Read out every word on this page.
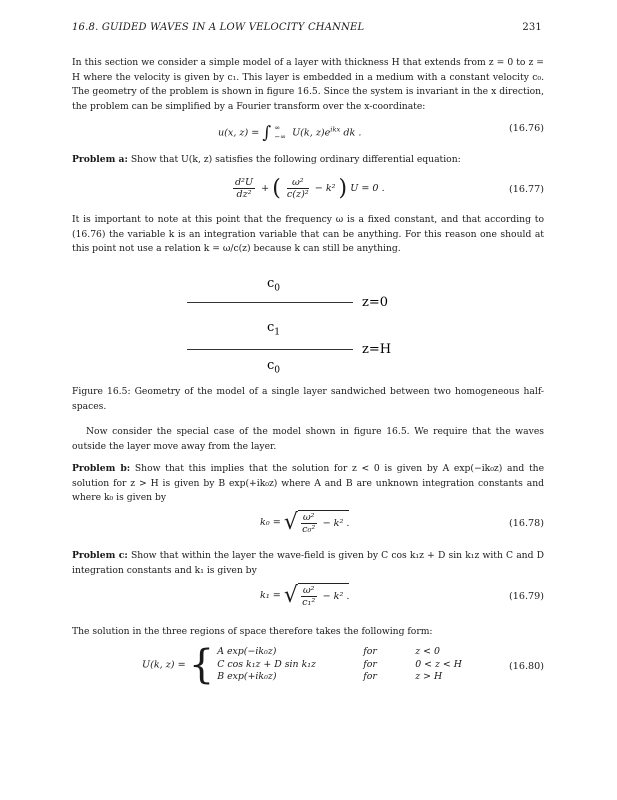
16.8. GUIDED WAVES IN A LOW VELOCITY CHANNEL	231
In this section we consider a simple model of a layer with thickness H that extends from z = 0 to z = H where the velocity is given by c₁. This layer is embedded in a medium with a constant velocity c₀. The geometry of the problem is shown in figure 16.5. Since the system is invariant in the x direction, the problem can be simplified by a Fourier transform over the x-coordinate:
u(x, z) = ∫ ∞
−∞ U(k, $z)e^{ikx}$ dk .	(16.76)
Problem a: Show that U(k, z) satisfies the following ordinary differential equation:
$\frac{\text{d²U}}{\text{dz²}}$ + ( $\frac{\text{ω²}}{\text{c(z)²}} - k^2$ ) U = 0 .	(16.77)
It is important to note at this point that the frequency ω is a fixed constant, and that according to (16.76) the variable k is an integration variable that can be anything. For this reason one should at this point not use a relation k = ω/c(z) because k can still be anything.
$c_0$
z=0
$c_1$
z=H
$c_0$
Figure 16.5: Geometry of the model of a single layer sandwiched between two homogeneous half-spaces.
Now consider the special case of the model shown in figure 16.5. We require that the waves outside the layer move away from the layer.
Problem b: Show that this implies that the solution for z < 0 is given by A exp(−ik₀z) and the solution for z > H is given by B exp(+ik₀z) where A and B are unknown integration constants and where k₀ is given by
k₀ = √ $\frac{\text{ω²}}{\text{c₀²}} - k^2$ .	(16.78)
Problem c: Show that within the layer the wave-field is given by C cos k₁z + D sin k₁z with C and D integration constants and k₁ is given by
k₁ = √ $\frac{\text{ω²}}{\text{c₁²}} - k^2$ .	(16.79)
The solution in the three regions of space therefore takes the following form:
U(k, z) = { A exp(−ik₀z)	for	z < 0
C cos k₁z + D sin k₁z	for	0 < z < H
B exp(+ik₀z)	for	z > H
(16.80)
